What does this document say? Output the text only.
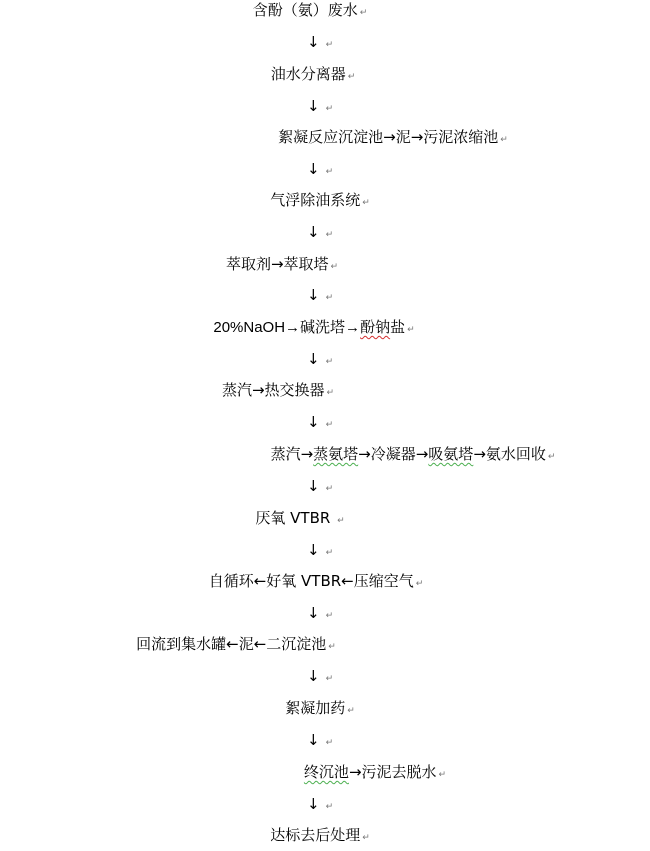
含酚（氨）废水 ↵
↓ ↵
油水分离器 ↵
↓ ↵
絮凝反应沉淀池→泥→污泥浓缩池 ↵
↓ ↵
气浮除油系统 ↵
↓ ↵
萃取剂→萃取塔 ↵
↓ ↵
20%NaOH→碱洗塔→酚钠盐 ↵
↓ ↵
蒸汽→热交换器 ↵
↓ ↵
蒸汽→蒸氨塔→冷凝器→吸氨塔→氨水回收 ↵
↓ ↵
厌氧 VTBR ↵
↓ ↵
自循环←好氧 VTBR←压缩空气 ↵
↓ ↵
回流到集水罐←泥←二沉淀池 ↵
↓ ↵
絮凝加药 ↵
↓ ↵
终沉池→污泥去脱水 ↵
↓ ↵
达标去后处理 ↵
